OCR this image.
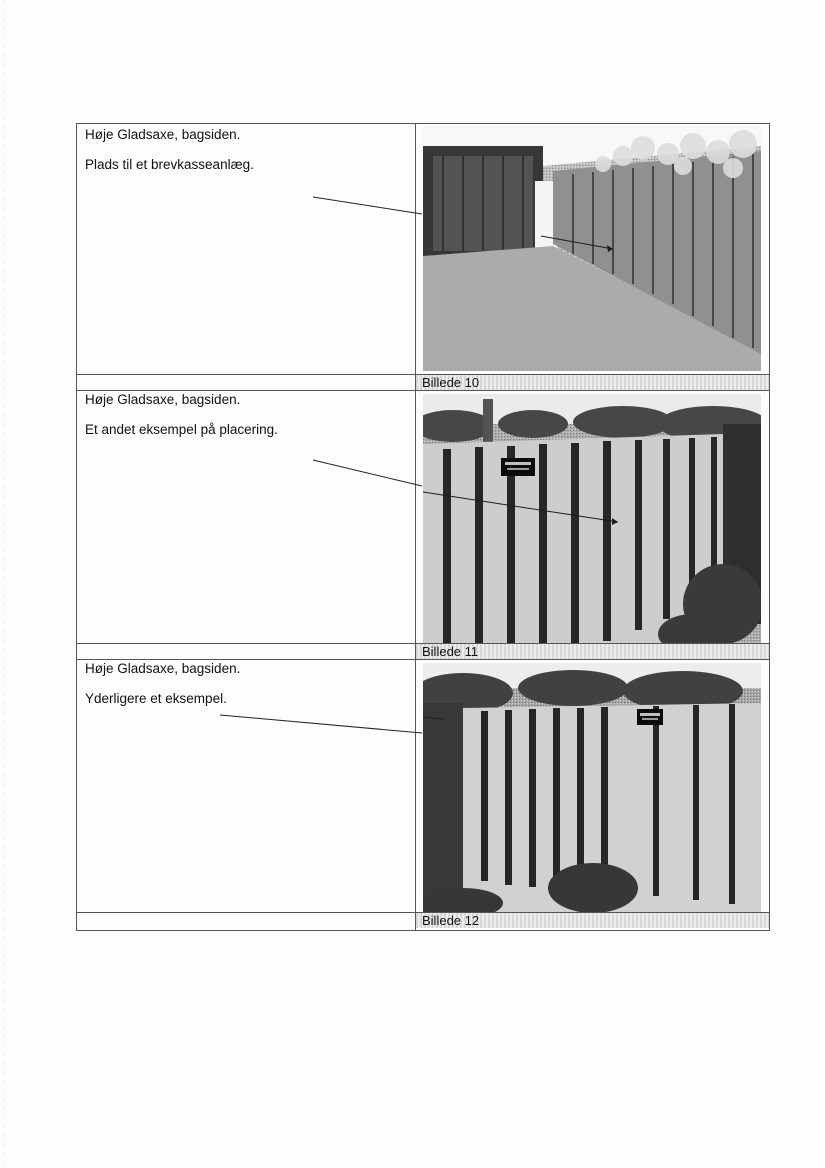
Høje Gladsaxe, bagsiden.
Plads til et brevkasseanlæg.
Billede 10
Høje Gladsaxe, bagsiden.
Et andet eksempel på placering.
Billede 11
Høje Gladsaxe, bagsiden.
Yderligere et eksempel.
Billede 12
